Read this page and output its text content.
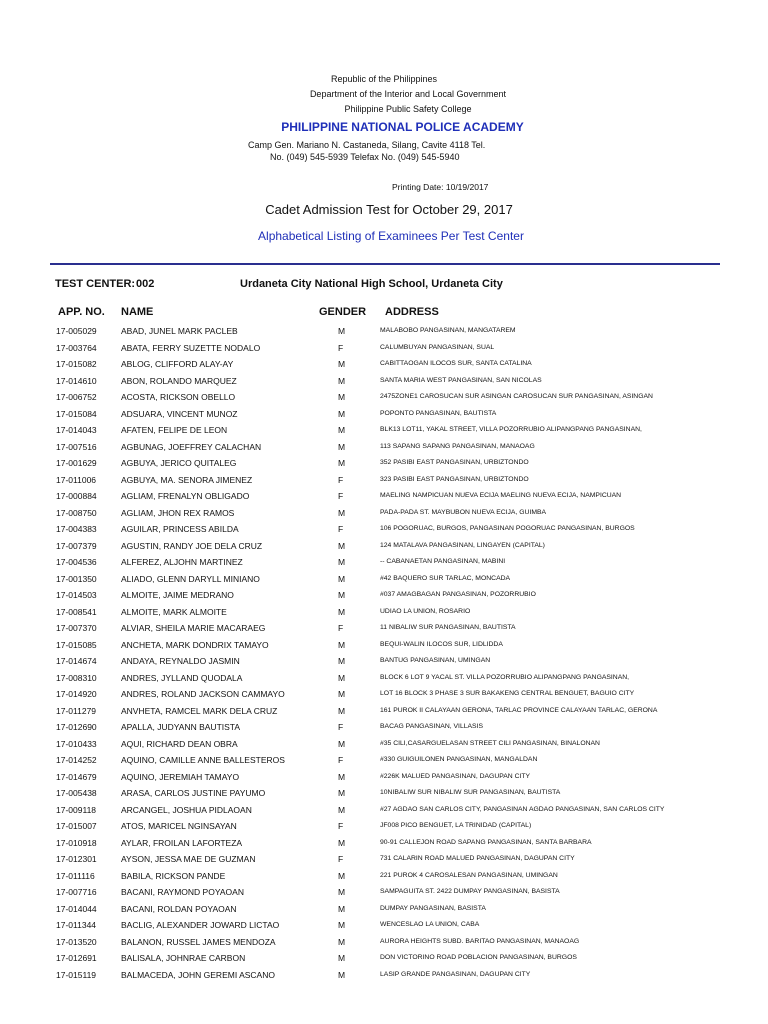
Republic of the Philippines
Department of the Interior and Local Government
Philippine Public Safety College
PHILIPPINE NATIONAL POLICE ACADEMY
Camp Gen. Mariano N. Castaneda, Silang, Cavite 4118 Tel.
No. (049) 545-5939 Telefax No. (049) 545-5940
Printing Date: 10/19/2017
Cadet Admission Test for October 29, 2017
Alphabetical Listing of Examinees Per Test Center
TEST CENTER: 002	Urdaneta City National High School, Urdaneta City
APP. NO. NAME	GENDER ADDRESS
17-005029	ABAD, JUNEL MARK PACLEB	M	MALABOBO PANGASINAN, MANGATAREM
17-003764	ABATA, FERRY SUZETTE NODALO	F	CALUMBUYAN PANGASINAN, SUAL
17-015082	ABLOG, CLIFFORD ALAY-AY	M	CABITTAOGAN ILOCOS SUR, SANTA CATALINA
17-014610	ABON, ROLANDO MARQUEZ	M	SANTA MARIA WEST PANGASINAN, SAN NICOLAS
17-006752	ACOSTA, RICKSON OBELLO	M	2475ZONE1 CAROSUCAN SUR ASINGAN CAROSUCAN SUR PANGASINAN, ASINGAN
17-015084	ADSUARA, VINCENT MUNOZ	M	POPONTO PANGASINAN, BAUTISTA
17-014043	AFATEN, FELIPE DE LEON	M	BLK13 LOT11, YAKAL STREET, VILLA POZORRUBIO ALIPANGPANG PANGASINAN,
17-007516	AGBUNAG, JOEFFREY CALACHAN	M	113 SAPANG SAPANG PANGASINAN, MANAOAG
17-001629	AGBUYA, JERICO QUITALEG	M	352 PASIBI EAST PANGASINAN, URBIZTONDO
17-011006	AGBUYA, MA. SENORA JIMENEZ	F	323 PASIBI EAST PANGASINAN, URBIZTONDO
17-000884	AGLIAM, FRENALYN OBLIGADO	F	MAELING NAMPICUAN NUEVA ECIJA MAELING NUEVA ECIJA, NAMPICUAN
17-008750	AGLIAM, JHON REX RAMOS	M	PADA-PADA ST. MAYBUBON NUEVA ECIJA, GUIMBA
17-004383	AGUILAR, PRINCESS ABILDA	F	106 POGORUAC, BURGOS, PANGASINAN POGORUAC PANGASINAN, BURGOS
17-007379	AGUSTIN, RANDY JOE DELA CRUZ	M	124 MATALAVA PANGASINAN, LINGAYEN (CAPITAL)
17-004536	ALFEREZ, ALJOHN MARTINEZ	M	-- CABANAETAN PANGASINAN, MABINI
17-001350	ALIADO, GLENN DARYLL MINIANO	M	#42 BAQUERO SUR TARLAC, MONCADA
17-014503	ALMOITE, JAIME MEDRANO	M	#037 AMAGBAGAN PANGASINAN, POZORRUBIO
17-008541	ALMOITE, MARK ALMOITE	M	UDIAO LA UNION, ROSARIO
17-007370	ALVIAR, SHEILA MARIE MACARAEG	F	11 NIBALIW SUR PANGASINAN, BAUTISTA
17-015085	ANCHETA, MARK DONDRIX TAMAYO	M	BEQUI-WALIN ILOCOS SUR, LIDLIDDA
17-014674	ANDAYA, REYNALDO JASMIN	M	BANTUG PANGASINAN, UMINGAN
17-008310	ANDRES, JYLLAND QUODALA	M	BLOCK 6 LOT 9 YACAL ST. VILLA POZORRUBIO ALIPANGPANG PANGASINAN,
17-014920	ANDRES, ROLAND JACKSON CAMMAYO	M	LOT 16 BLOCK 3 PHASE 3 SUR BAKAKENG CENTRAL BENGUET, BAGUIO CITY
17-011279	ANVHETA, RAMCEL MARK DELA CRUZ	M	161 PUROK II CALAYAAN GERONA, TARLAC PROVINCE CALAYAAN TARLAC, GERONA
17-012690	APALLA, JUDYANN BAUTISTA	F	BACAG PANGASINAN, VILLASIS
17-010433	AQUI, RICHARD DEAN OBRA	M	#35 CILI,CASARGUELASAN STREET CILI PANGASINAN, BINALONAN
17-014252	AQUINO, CAMILLE ANNE BALLESTEROS	F	#330 GUIGUILONEN PANGASINAN, MANGALDAN
17-014679	AQUINO, JEREMIAH TAMAYO	M	#226K MALUED PANGASINAN, DAGUPAN CITY
17-005438	ARASA, CARLOS JUSTINE PAYUMO	M	10NIBALIW SUR NIBALIW SUR PANGASINAN, BAUTISTA
17-009118	ARCANGEL, JOSHUA PIDLAOAN	M	#27 AGDAO SAN CARLOS CITY, PANGASINAN AGDAO PANGASINAN, SAN CARLOS CITY
17-015007	ATOS, MARICEL NGINSAYAN	F	JF008 PICO BENGUET, LA TRINIDAD (CAPITAL)
17-010918	AYLAR, FROILAN LAFORTEZA	M	90-91 CALLEJON ROAD SAPANG PANGASINAN, SANTA BARBARA
17-012301	AYSON, JESSA MAE DE GUZMAN	F	731 CALARIN ROAD MALUED PANGASINAN, DAGUPAN CITY
17-011116	BABILA, RICKSON PANDE	M	221 PUROK 4 CAROSALESAN PANGASINAN, UMINGAN
17-007716	BACANI, RAYMOND POYAOAN	M	SAMPAGUITA ST. 2422 DUMPAY PANGASINAN, BASISTA
17-014044	BACANI, ROLDAN POYAOAN	M	DUMPAY PANGASINAN, BASISTA
17-011344	BACLIG, ALEXANDER JOWARD LICTAO	M	WENCESLAO LA UNION, CABA
17-013520	BALANON, RUSSEL JAMES MENDOZA	M	AURORA HEIGHTS SUBD. BARITAO PANGASINAN, MANAOAG
17-012691	BALISALA, JOHNRAE CARBON	M	DON VICTORINO ROAD POBLACION PANGASINAN, BURGOS
17-015119	BALMACEDA, JOHN GEREMI ASCANO	M	LASIP GRANDE PANGASINAN, DAGUPAN CITY
